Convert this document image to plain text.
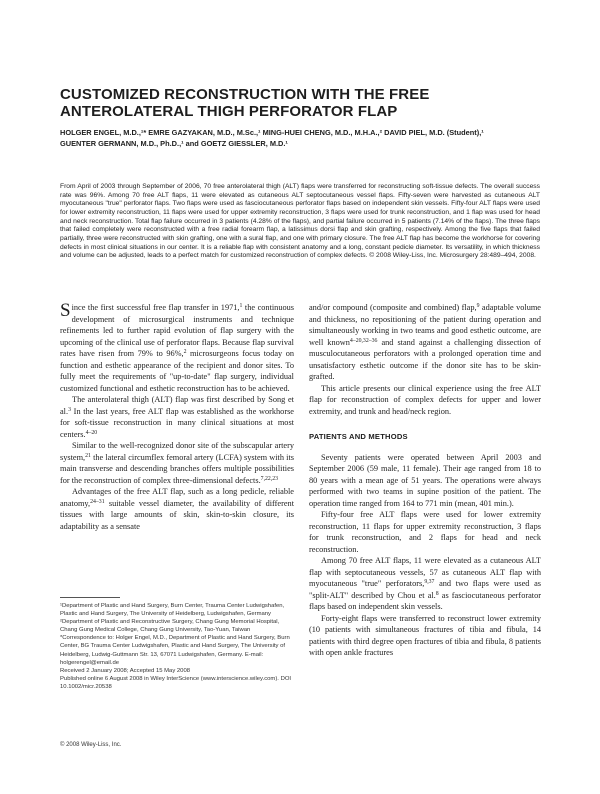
CUSTOMIZED RECONSTRUCTION WITH THE FREE
ANTEROLATERAL THIGH PERFORATOR FLAP
HOLGER ENGEL, M.D.,¹* EMRE GAZYAKAN, M.D., M.Sc.,¹ MING-HUEI CHENG, M.D., M.H.A.,² DAVID PIEL, M.D. (Student),¹
GUENTER GERMANN, M.D., Ph.D.,¹ and GOETZ GIESSLER, M.D.¹
From April of 2003 through September of 2006, 70 free anterolateral thigh (ALT) flaps were transferred for reconstructing soft-tissue defects. The overall success rate was 96%. Among 70 free ALT flaps, 11 were elevated as cutaneous ALT septocutaneous vessel flaps. Fifty-seven were harvested as cutaneous ALT myocutaneous "true" perforator flaps. Two flaps were used as fasciocutaneous perforator flaps based on independent skin vessels. Fifty-four ALT flaps were used for lower extremity reconstruction, 11 flaps were used for upper extremity reconstruction, 3 flaps were used for trunk reconstruction, and 1 flap was used for head and neck reconstruction. Total flap failure occurred in 3 patients (4.28% of the flaps), and partial failure occurred in 5 patients (7.14% of the flaps). The three flaps that failed completely were reconstructed with a free radial forearm flap, a latissimus dorsi flap and skin grafting, respectively. Among the five flaps that failed partially, three were reconstructed with skin grafting, one with a sural flap, and one with primary closure. The free ALT flap has become the workhorse for covering defects in most clinical situations in our center. It is a reliable flap with consistent anatomy and a long, constant pedicle diameter. Its versatility, in which thickness and volume can be adjusted, leads to a perfect match for customized reconstruction of complex defects. © 2008 Wiley-Liss, Inc. Microsurgery 28:489–494, 2008.

Since the first successful free flap transfer in 1971,$^1$ the continuous development of microsurgical instruments and technique refinements led to further rapid evolution of flap surgery with the upcoming of the clinical use of perforator flaps. Because flap survival rates have risen from 79% to 96%,$^2$ microsurgeons focus today on function and esthetic appearance of the recipient and donor sites. To fully meet the requirements of "up-to-date" flap surgery, individual customized functional and esthetic reconstruction has to be achieved.

The anterolateral thigh (ALT) flap was first described by Song et al.$^3$ In the last years, free ALT flap was established as the workhorse for soft-tissue reconstruction in many clinical situations at most centers.$^{4-20}$

Similar to the well-recognized donor site of the subscapular artery system,$^{21}$ the lateral circumflex femoral artery (LCFA) system with its main transverse and descending branches offers multiple possibilities for the reconstruction of complex three-dimensional defects.$^{7,22,23}$

Advantages of the free ALT flap, such as a long pedicle, reliable anatomy,$^{24-31}$ suitable vessel diameter, the availability of different tissues with large amounts of skin, skin-to-skin closure, its adaptability as a sensate

and/or compound (composite and combined) flap,$^9$ adaptable volume and thickness, no repositioning of the patient during operation and simultaneously working in two teams and good esthetic outcome, are well known$^{4-20,32-36}$ and stand against a challenging dissection of musculocutaneous perforators with a prolonged operation time and unsatisfactory esthetic outcome if the donor site has to be skin-grafted.

This article presents our clinical experience using the free ALT flap for reconstruction of complex defects for upper and lower extremity, and trunk and head/neck region.

PATIENTS AND METHODS

Seventy patients were operated between April 2003 and September 2006 (59 male, 11 female). Their age ranged from 18 to 80 years with a mean age of 51 years. The operations were always performed with two teams in supine position of the patient. The operation time ranged from 164 to 771 min (mean, 401 min.).

Fifty-four free ALT flaps were used for lower extremity reconstruction, 11 flaps for upper extremity reconstruction, 3 flaps for trunk reconstruction, and 2 flaps for head and neck reconstruction.

Among 70 free ALT flaps, 11 were elevated as a cutaneous ALT flap with septocutaneous vessels, 57 as cutaneous ALT flap with myocutaneous "true" perforators,$^{9,37}$ and two flaps were used as "split-ALT" described by Chou et al.$^8$ as fasciocutaneous perforator flaps based on independent skin vessels.

Forty-eight flaps were transferred to reconstruct lower extremity (10 patients with simultaneous fractures of tibia and fibula, 14 patients with third degree open fractures of tibia and fibula, 8 patients with open ankle fractures

¹Department of Plastic and Hand Surgery, Burn Center, Trauma Center Ludwigshafen, Plastic and Hand Surgery, The University of Heidelberg, Ludwigshafen, Germany

²Department of Plastic and Reconstructive Surgery, Chang Gung Memorial Hospital, Chang Gung Medical College, Chang Gung University, Tao-Yuan, Taiwan

*Correspondence to: Holger Engel, M.D., Department of Plastic and Hand Surgery, Burn Center, BG Trauma Center Ludwigshafen, Plastic and Hand Surgery, The University of Heidelberg, Ludwig-Guttmann Str. 13, 67071 Ludwigshafen, Germany. E-mail: holgerengel@email.de

Received 2 January 2008; Accepted 15 May 2008

Published online 6 August 2008 in Wiley InterScience (www.interscience.wiley.com). DOI 10.1002/micr.20538

© 2008 Wiley-Liss, Inc.
